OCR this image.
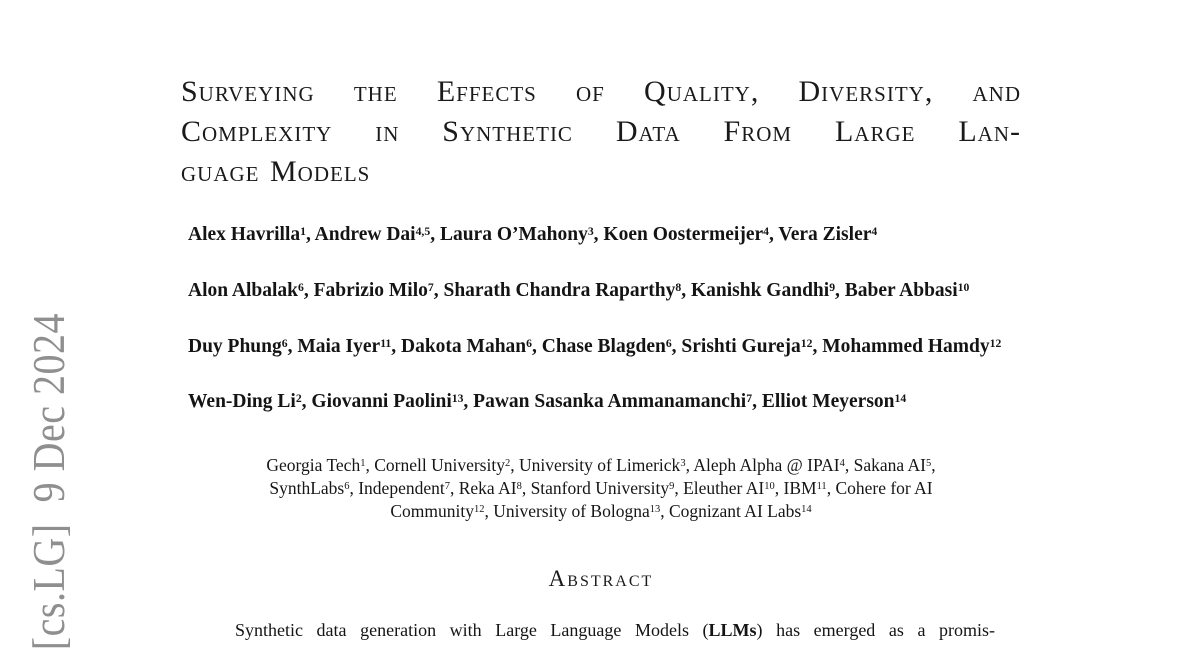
[cs.LG]  9 Dec 2024
Surveying the Effects of Quality, Diversity, and
Complexity in Synthetic Data From Large Lan-
guage Models
Alex Havrilla$^1$, Andrew Dai$^{4,5}$, Laura O’Mahony$^3$, Koen Oostermeijer$^4$, Vera Zisler$^4$
Alon Albalak$^6$, Fabrizio Milo$^7$, Sharath Chandra Raparthy$^8$, Kanishk Gandhi$^9$, Baber Abbasi$^{10}$
Duy Phung$^6$, Maia Iyer$^{11}$, Dakota Mahan$^6$, Chase Blagden$^6$, Srishti Gureja$^{12}$, Mohammed Hamdy$^{12}$
Wen-Ding Li$^2$, Giovanni Paolini$^{13}$, Pawan Sasanka Ammanamanchi$^7$, Elliot Meyerson$^{14}$
Georgia Tech$^1$, Cornell University$^2$, University of Limerick$^3$, Aleph Alpha @ IPAI$^4$, Sakana $AI^5$,
SynthLabs$^6$, Independent$^7$, Reka $AI^8$, Stanford University$^9$, Eleuther AI$^{10}$, IBM$^{11}$, Cohere for AI
Community$^{12}$, University of Bologna$^{13}$, Cognizant AI Labs$^{14}$
Abstract
Synthetic data generation with Large Language Models (LLMs) has emerged as a promis-
